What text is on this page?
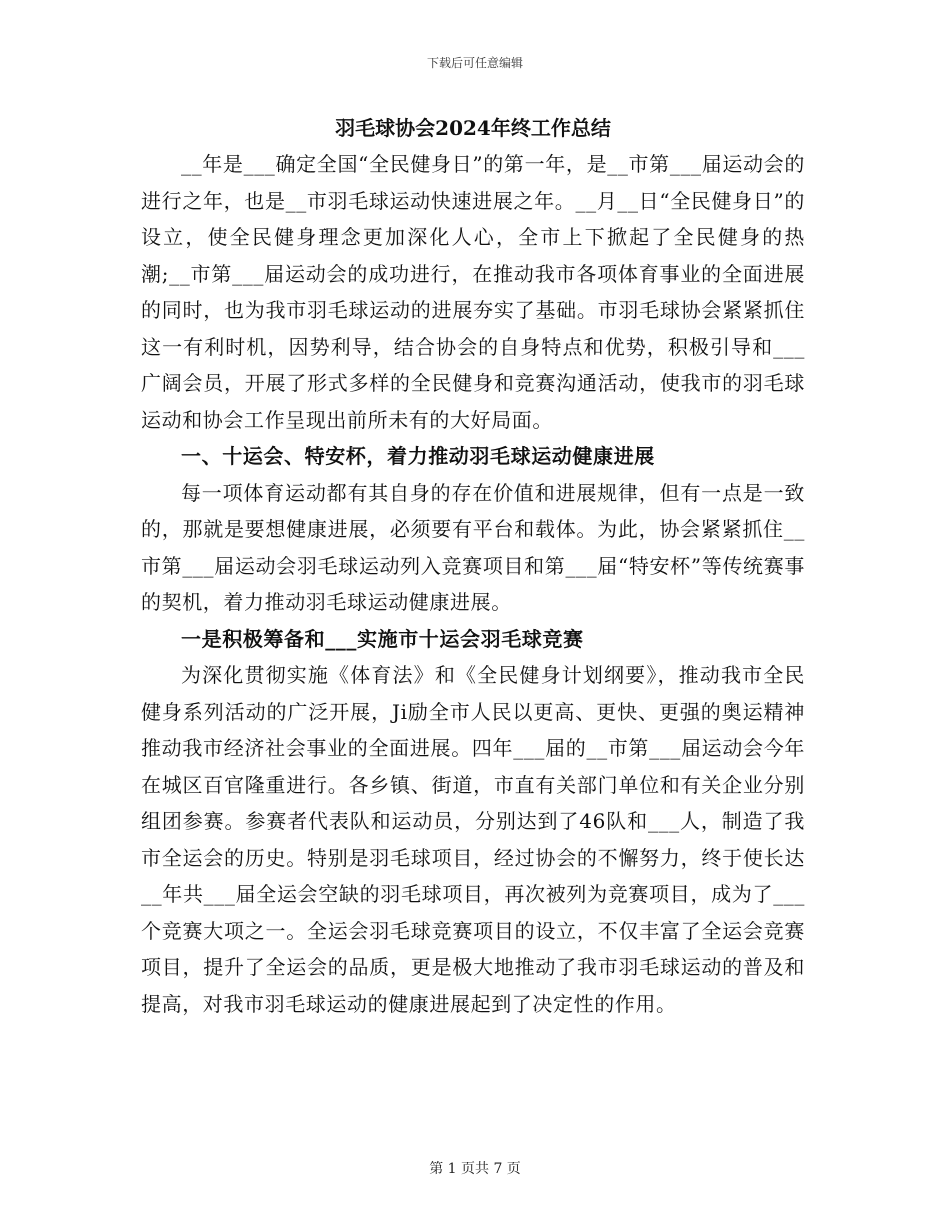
下载后可任意编辑
羽毛球协会2024年终工作总结

__年是___确定全国“全民健身日”的第一年，是__市第___届运动会的进行之年，也是__市羽毛球运动快速进展之年。__月__日“全民健身日”的设立，使全民健身理念更加深化人心，全市上下掀起了全民健身的热潮;__市第___届运动会的成功进行，在推动我市各项体育事业的全面进展的同时，也为我市羽毛球运动的进展夯实了基础。市羽毛球协会紧紧抓住这一有利时机，因势利导，结合协会的自身特点和优势，积极引导和___广阔会员，开展了形式多样的全民健身和竞赛沟通活动，使我市的羽毛球运动和协会工作呈现出前所未有的大好局面。

一、十运会、特安杯，着力推动羽毛球运动健康进展

每一项体育运动都有其自身的存在价值和进展规律，但有一点是一致的，那就是要想健康进展，必须要有平台和载体。为此，协会紧紧抓住__市第___届运动会羽毛球运动列入竞赛项目和第___届“特安杯”等传统赛事的契机，着力推动羽毛球运动健康进展。

一是积极筹备和___实施市十运会羽毛球竞赛

为深化贯彻实施《体育法》和《全民健身计划纲要》，推动我市全民健身系列活动的广泛开展，Ji励全市人民以更高、更快、更强的奥运精神推动我市经济社会事业的全面进展。四年___届的__市第___届运动会今年在城区百官隆重进行。各乡镇、街道，市直有关部门单位和有关企业分别组团参赛。参赛者代表队和运动员，分别达到了46队和___人，制造了我市全运会的历史。特别是羽毛球项目，经过协会的不懈努力，终于使长达__年共___届全运会空缺的羽毛球项目，再次被列为竞赛项目，成为了___个竞赛大项之一。全运会羽毛球竞赛项目的设立，不仅丰富了全运会竞赛项目，提升了全运会的品质，更是极大地推动了我市羽毛球运动的普及和提高，对我市羽毛球运动的健康进展起到了决定性的作用。

第 1 页共 7 页
